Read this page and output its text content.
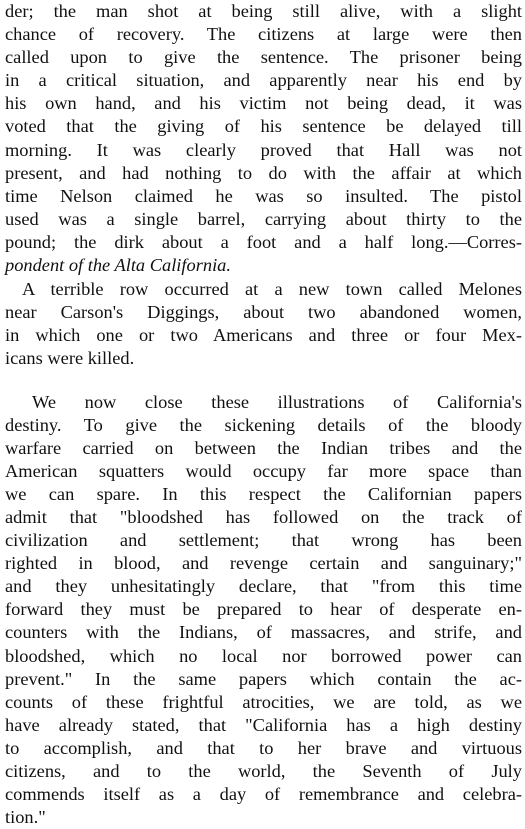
der; the man shot at being still alive, with a slight
chance of recovery. The citizens at large were then
called upon to give the sentence. The prisoner being
in a critical situation, and apparently near his end by
his own hand, and his victim not being dead, it was
voted that the giving of his sentence be delayed till
morning. It was clearly proved that Hall was not
present, and had nothing to do with the affair at which
time Nelson claimed he was so insulted. The pistol
used was a single barrel, carrying about thirty to the
pound; the dirk about a foot and a half long.—Corres-
pondent of the Alta California.
A terrible row occurred at a new town called Melones
near Carson's Diggings, about two abandoned women,
in which one or two Americans and three or four Mex-
icans were killed.
We now close these illustrations of California's
destiny. To give the sickening details of the bloody
warfare carried on between the Indian tribes and the
American squatters would occupy far more space than
we can spare. In this respect the Californian papers
admit that "bloodshed has followed on the track of
civilization and settlement; that wrong has been
righted in blood, and revenge certain and sanguinary;"
and they unhesitatingly declare, that "from this time
forward they must be prepared to hear of desperate en-
counters with the Indians, of massacres, and strife, and
bloodshed, which no local nor borrowed power can
prevent." In the same papers which contain the ac-
counts of these frightful atrocities, we are told, as we
have already stated, that "California has a high destiny
to accomplish, and that to her brave and virtuous
citizens, and to the world, the Seventh of July
commends itself as a day of remembrance and celebra-
tion."
